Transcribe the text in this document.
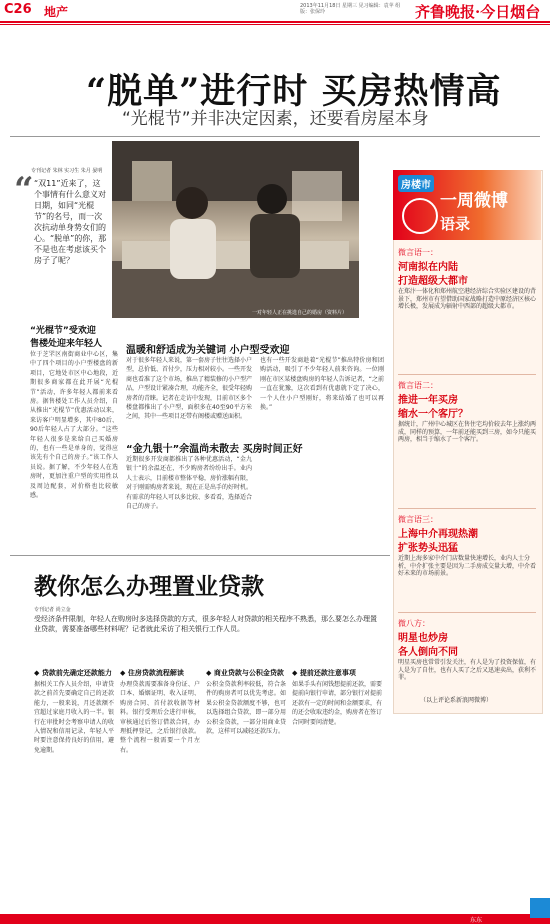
C26 地产	2013年11月18日 星期三 见习编辑：袁苹 组版：张保玲	齐鲁晚报·今日烟台
“脱单”进行时 买房热情高
“光棍节”并非决定因素，还要看房屋本身
专刊记者 朱林 实习生 朱月 晏明
“ “双11”近来了，这个事情有什么意义对日期，如同“光棍节”的名号，而一次次抗动单身势女们的心。“脱单”的你，那不是也在考虑该买个房子了呢？
一对年轻人正在挑选自己的婚房（资料片）
“光棍节”受欢迎
售楼处迎来年轻人
温暖和舒适成为关键词 小户型受欢迎
“金九银十”余温尚未散去 买房时间正好
位于芝罘区南街商业中心区，集中了四个项目的小户型楼盘的新项目，它地处市区中心地段，近期很多商家都在此开展“光棍节”活动，许多年轻人都前来看房。据售楼处工作人员介绍，自从推出“光棍节”优惠活动以来，来访客户明显增多，其中80后、90后年轻人占了大部分。“这些年轻人很多是来给自己买婚房的，也有一些是单身的，觉得应该先有个自己的房子。”该工作人员说。据了解，不少年轻人在选房时，更加注重户型的实用性以及周边配套，对价格也比较敏感。
对于很多年轻人来说，第一套房子往往选择小户型，总价低、首付少，压力相对较小。一些开发商也看准了这个市场，推出了精装修的小户型产品，户型设计紧凑合理，功能齐全，很受年轻购房者的青睐。记者在走访中发现，目前市区多个楼盘都推出了小户型，面积多在40至90平方米之间，其中一些项目还带有阁楼或赠送面积。
近期很多开发商都推出了各种优惠活动，“金九银十”的余温还在，不少购房者纷纷出手。业内人士表示，目前楼市整体平稳，房价涨幅有限，对于刚需购房者来说，现在正是出手的好时机。有需求的年轻人可以多比较、多看看，选择适合自己的房子。
也有一些开发商趁着“光棍节”推出特价房和团购活动，吸引了不少年轻人前来咨询。一位刚刚在市区某楼盘购房的年轻人告诉记者，“之前一直在犹豫，这次看到有优惠就下定了决心，一个人住小户型刚好，将来结婚了也可以再换。”
房楼市
一周微博
语录
微言语一：
河南拟在内陆
打造超级大都市
在郑汴一体化和郑州航空港经济综合实验区建设的背景下，郑州市有望借助国家战略打造中原经济区核心增长极，发展成为辐射中西部的超级大都市。
微言语二：
推进一年买房
缩水一个客厅？
据统计，广州中心城区在售住宅均价较去年上涨约两成，同样的预算，一年前还能买到三房，如今只能买两房，相当于缩水了一个客厅。
微言语三：
上海中介再现热潮
扩张势头迅猛
近期上海多家中介门店数量快速增长，业内人士分析，中介扩张主要是因为二手房成交量大增，中介看好未来的市场前景。
微八方：
明星也炒房
各人倒向不同
明星买房也常常引发关注，有人是为了投资保值，有人是为了自住，也有人买了之后又迅速卖出，获利不菲。
（以上评论系新浪网微博）
教你怎么办理置业贷款
专刊记者 尚立金
受经济条件限制，年轻人在购房时多选择贷款的方式，很多年轻人对贷款的相关程序不熟悉，那么要怎么办理置业贷款，需要准备哪些材料呢？记者就此采访了相关银行工作人员。
◆ 贷款前先确定还款能力
据相关工作人员介绍，申请贷款之前首先要确定自己的还款能力，一般来说，月还款额不宜超过家庭月收入的一半。银行在审批时会考察申请人的收入情况和信用记录，年轻人平时要注意保持良好的信用，避免逾期。
◆ 住房贷款流程解读
办理贷款需要准备身份证、户口本、婚姻证明、收入证明、购房合同、首付款收据等材料。银行受理后会进行审核，审核通过后签订借款合同，办理抵押登记，之后银行放款。整个流程一般需要一个月左右。
◆ 商业贷款与公积金贷款
公积金贷款利率较低，符合条件的购房者可以优先考虑。如果公积金贷款额度不够，也可以选择组合贷款，即一部分用公积金贷款，一部分用商业贷款，这样可以减轻还款压力。
◆ 提前还款注意事项
如果手头有闲钱想提前还款，需要提前向银行申请，部分银行对提前还款有一定的时间和金额要求，有的还会收取违约金，购房者在签订合同时要问清楚。
东东
